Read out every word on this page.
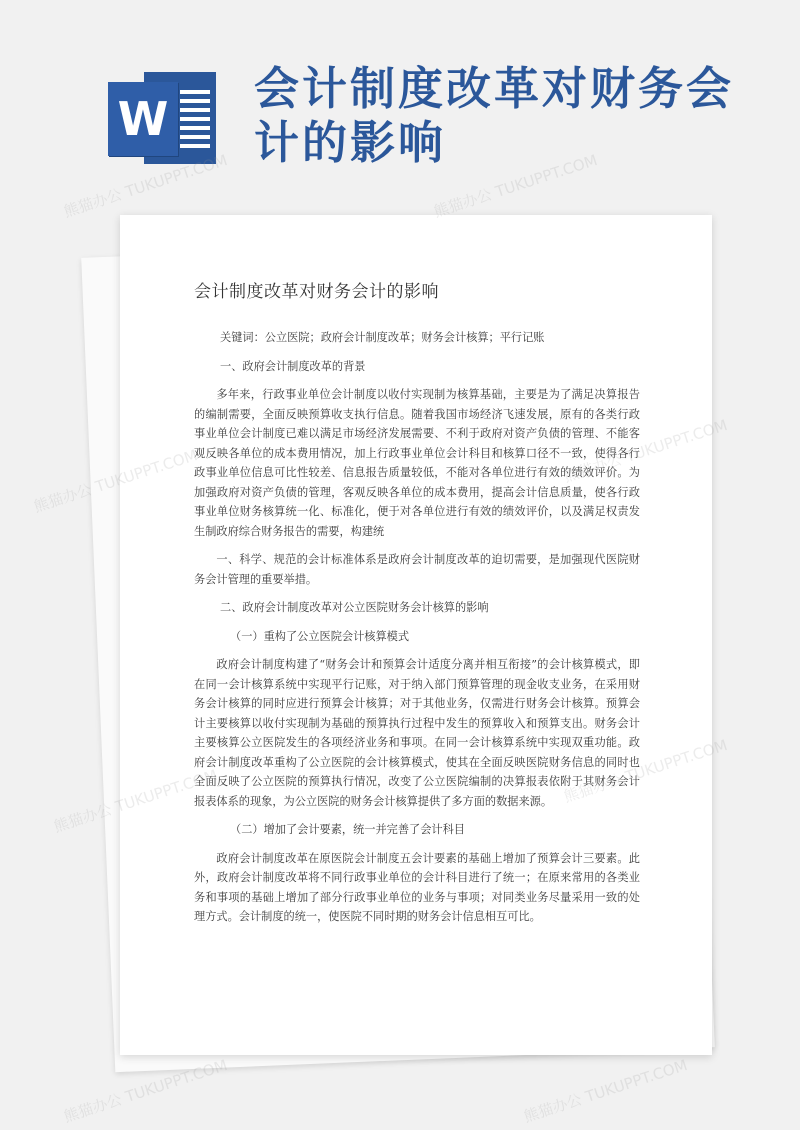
W
会计制度改革对财务会计的影响
会计制度改革对财务会计的影响

关键词：公立医院；政府会计制度改革；财务会计核算；平行记账

一、政府会计制度改革的背景

多年来，行政事业单位会计制度以收付实现制为核算基础，主要是为了满足决算报告的编制需要，全面反映预算收支执行信息。随着我国市场经济飞速发展，原有的各类行政事业单位会计制度已难以满足市场经济发展需要、不利于政府对资产负债的管理、不能客观反映各单位的成本费用情况，加上行政事业单位会计科目和核算口径不一致，使得各行政事业单位信息可比性较差、信息报告质量较低，不能对各单位进行有效的绩效评价。为加强政府对资产负债的管理，客观反映各单位的成本费用，提高会计信息质量，使各行政事业单位财务核算统一化、标准化，便于对各单位进行有效的绩效评价，以及满足权责发生制政府综合财务报告的需要，构建统

一、科学、规范的会计标准体系是政府会计制度改革的迫切需要，是加强现代医院财务会计管理的重要举措。

二、政府会计制度改革对公立医院财务会计核算的影响

（一）重构了公立医院会计核算模式

政府会计制度构建了“财务会计和预算会计适度分离并相互衔接”的会计核算模式，即在同一会计核算系统中实现平行记账，对于纳入部门预算管理的现金收支业务，在采用财务会计核算的同时应进行预算会计核算；对于其他业务，仅需进行财务会计核算。预算会计主要核算以收付实现制为基础的预算执行过程中发生的预算收入和预算支出。财务会计主要核算公立医院发生的各项经济业务和事项。在同一会计核算系统中实现双重功能。政府会计制度改革重构了公立医院的会计核算模式，使其在全面反映医院财务信息的同时也全面反映了公立医院的预算执行情况，改变了公立医院编制的决算报表依附于其财务会计报表体系的现象，为公立医院的财务会计核算提供了多方面的数据来源。

（二）增加了会计要素，统一并完善了会计科目

政府会计制度改革在原医院会计制度五会计要素的基础上增加了预算会计三要素。此外，政府会计制度改革将不同行政事业单位的会计科目进行了统一；在原来常用的各类业务和事项的基础上增加了部分行政事业单位的业务与事项；对同类业务尽量采用一致的处理方式。会计制度的统一，使医院不同时期的财务会计信息相互可比。

熊猫办公 TUKUPPT.COM	熊猫办公 TUKUPPT.COM
熊猫办公
熊猫办公
熊猫办公 TUKUPPT.COM	熊猫办公 TUKUPPT.COM
